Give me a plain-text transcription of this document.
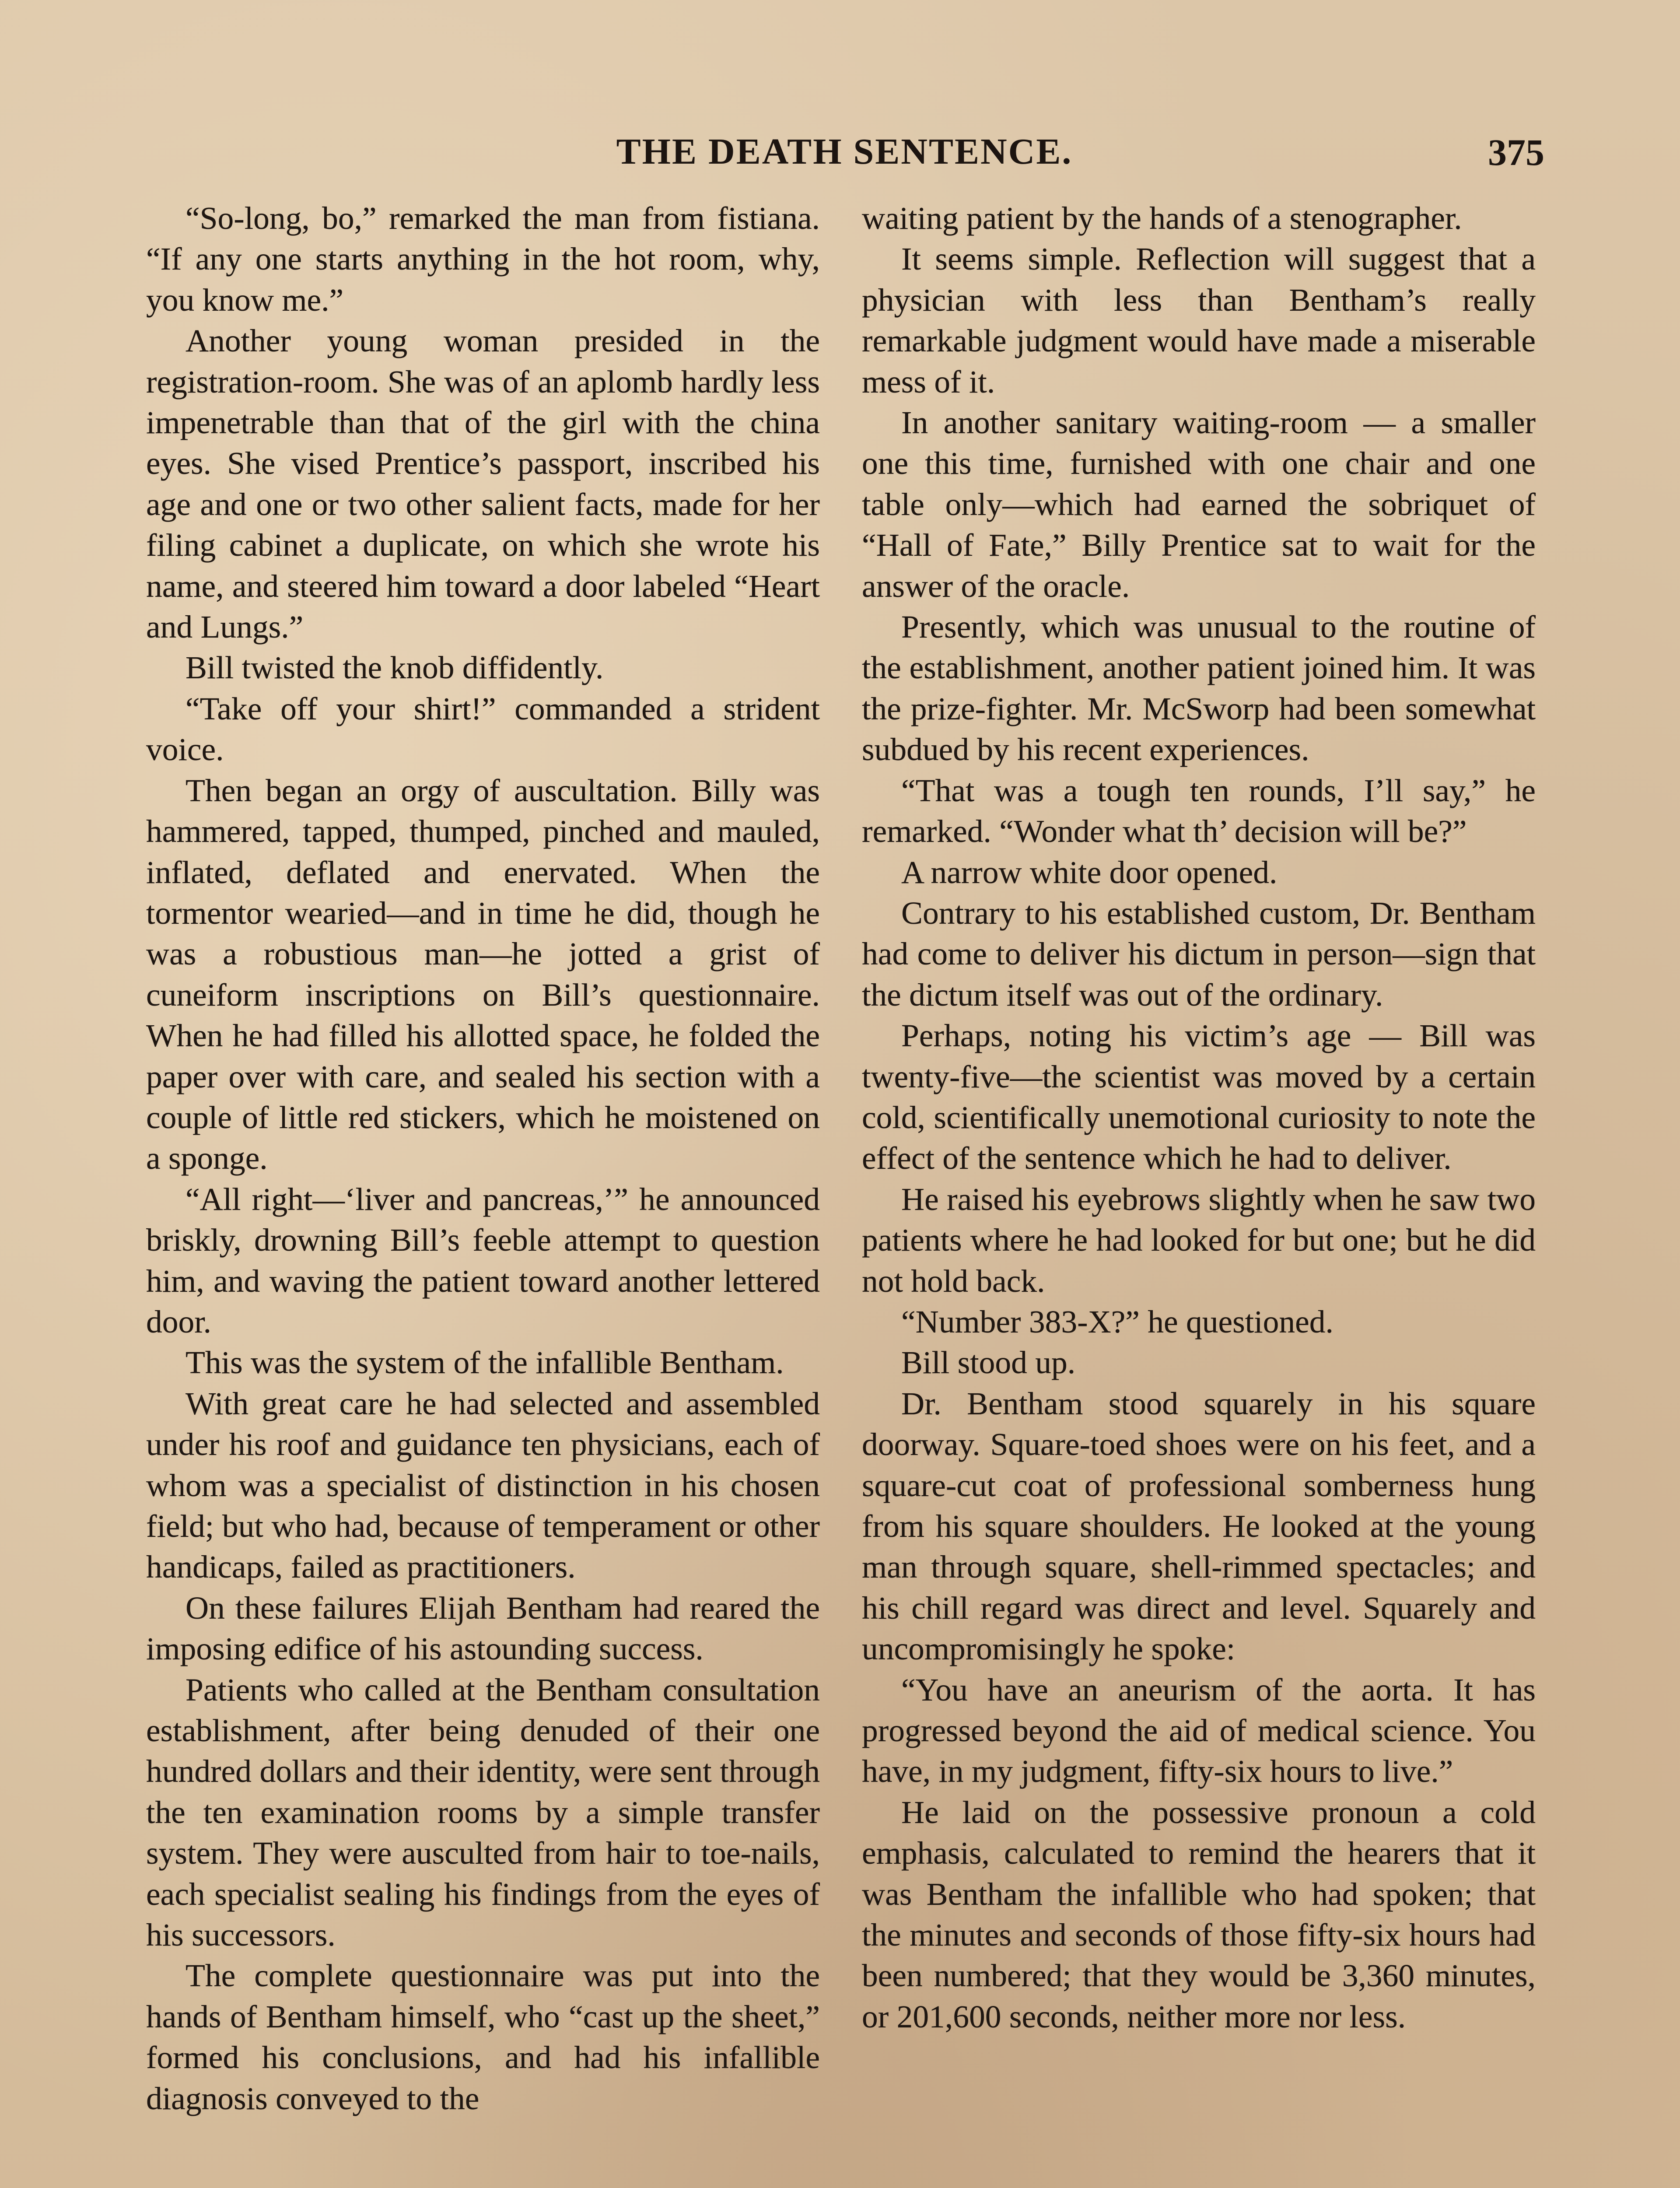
THE DEATH SENTENCE.	375

“So-long, bo,” remarked the man from fistiana. “If any one starts anything in the hot room, why, you know me.”

Another young woman presided in the registration-room. She was of an aplomb hardly less impenetrable than that of the girl with the china eyes. She vised Prentice’s passport, inscribed his age and one or two other salient facts, made for her filing cabinet a duplicate, on which she wrote his name, and steered him toward a door labeled “Heart and Lungs.”

Bill twisted the knob diffidently.

“Take off your shirt!” commanded a strident voice.

Then began an orgy of auscultation. Billy was hammered, tapped, thumped, pinched and mauled, inflated, deflated and enervated. When the tormentor wearied—and in time he did, though he was a robustious man—he jotted a grist of cuneiform inscriptions on Bill’s questionnaire. When he had filled his allotted space, he folded the paper over with care, and sealed his section with a couple of little red stickers, which he moistened on a sponge.

“All right—‘liver and pancreas,’” he announced briskly, drowning Bill’s feeble attempt to question him, and waving the patient toward another lettered door.

This was the system of the infallible Bentham.

With great care he had selected and assembled under his roof and guidance ten physicians, each of whom was a specialist of distinction in his chosen field; but who had, because of temperament or other handicaps, failed as practitioners.

On these failures Elijah Bentham had reared the imposing edifice of his astounding success.

Patients who called at the Bentham consultation establishment, after being denuded of their one hundred dollars and their identity, were sent through the ten examination rooms by a simple transfer system. They were ausculted from hair to toe-nails, each specialist sealing his findings from the eyes of his successors.

The complete questionnaire was put into the hands of Bentham himself, who “cast up the sheet,” formed his conclusions, and had his infallible diagnosis conveyed to the

waiting patient by the hands of a stenographer.

It seems simple. Reflection will suggest that a physician with less than Bentham’s really remarkable judgment would have made a miserable mess of it.

In another sanitary waiting-room — a smaller one this time, furnished with one chair and one table only—which had earned the sobriquet of “Hall of Fate,” Billy Prentice sat to wait for the answer of the oracle.

Presently, which was unusual to the routine of the establishment, another patient joined him. It was the prize-fighter. Mr. McSworp had been somewhat subdued by his recent experiences.

“That was a tough ten rounds, I’ll say,” he remarked. “Wonder what th’ decision will be?”

A narrow white door opened.

Contrary to his established custom, Dr. Bentham had come to deliver his dictum in person—sign that the dictum itself was out of the ordinary.

Perhaps, noting his victim’s age — Bill was twenty-five—the scientist was moved by a certain cold, scientifically unemotional curiosity to note the effect of the sentence which he had to deliver.

He raised his eyebrows slightly when he saw two patients where he had looked for but one; but he did not hold back.

“Number 383-X?” he questioned.

Bill stood up.

Dr. Bentham stood squarely in his square doorway. Square-toed shoes were on his feet, and a square-cut coat of professional somberness hung from his square shoulders. He looked at the young man through square, shell-rimmed spectacles; and his chill regard was direct and level. Squarely and uncompromisingly he spoke:

“You have an aneurism of the aorta. It has progressed beyond the aid of medical science. You have, in my judgment, fifty-six hours to live.”

He laid on the possessive pronoun a cold emphasis, calculated to remind the hearers that it was Bentham the infallible who had spoken; that the minutes and seconds of those fifty-six hours had been numbered; that they would be 3,360 minutes, or 201,600 seconds, neither more nor less.
